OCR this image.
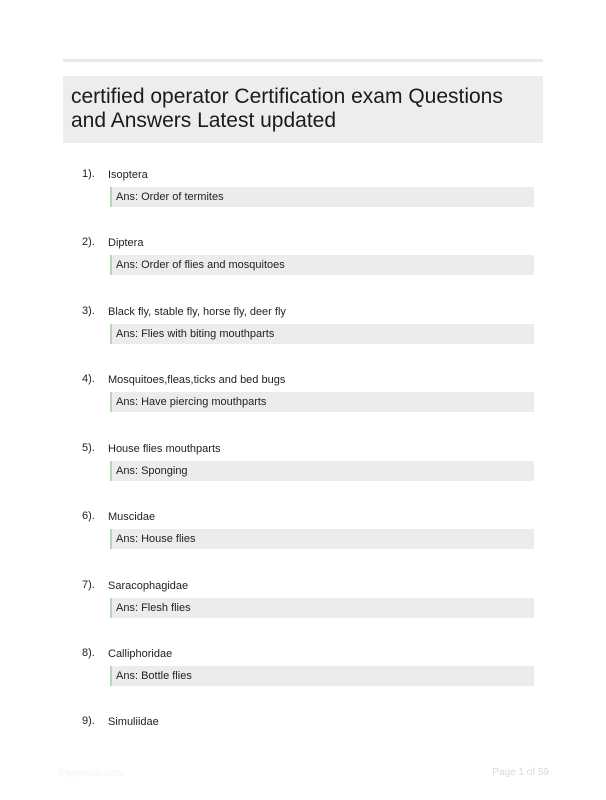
certified operator Certification exam Questions and Answers Latest updated
1). Isoptera
Ans: Order of termites
2). Diptera
Ans: Order of flies and mosquitoes
3). Black fly, stable fly, horse fly, deer fly
Ans: Flies with biting mouthparts
4). Mosquitoes,fleas,ticks and bed bugs
Ans: Have piercing mouthparts
5). House flies mouthparts
Ans: Sponging
6). Muscidae
Ans: House flies
7). Saracophagidae
Ans: Flesh flies
8). Calliphoridae
Ans: Bottle flies
9). Simuliidae
Paperlibic.com	Page 1 of 59
